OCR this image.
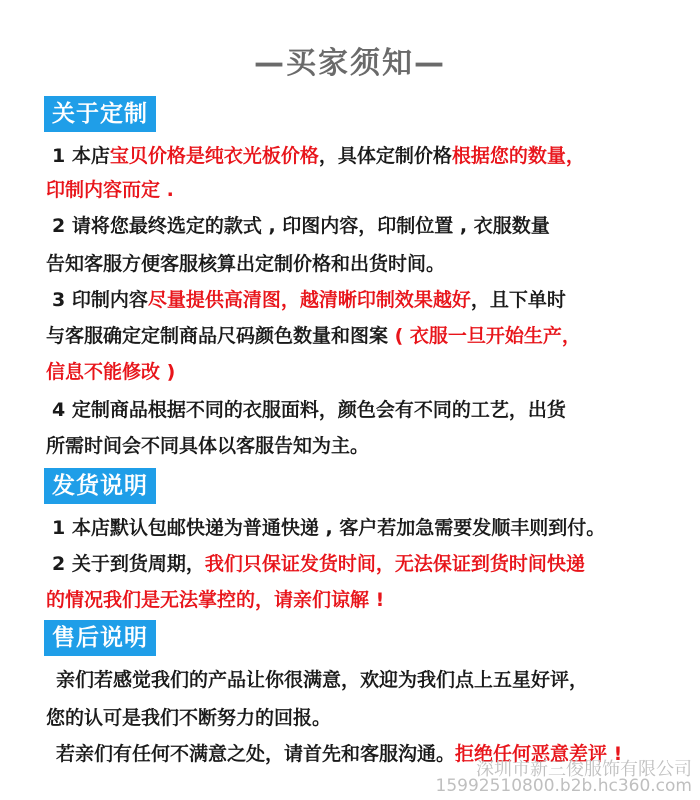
—买家须知—
关于定制
1 本店宝贝价格是纯衣光板价格，具体定制价格根据您的数量，
印制内容而定 .
2 请将您最终选定的款式 , 印图内容，印制位置 , 衣服数量
告知客服方便客服核算出定制价格和出货时间。
3 印制内容尽量提供高清图，越清晰印制效果越好，且下单时
与客服确定定制商品尺码颜色数量和图案 ( 衣服一旦开始生产，
信息不能修改 )
4 定制商品根据不同的衣服面料，颜色会有不同的工艺，出货
所需时间会不同具体以客服告知为主。
发货说明
1 本店默认包邮快递为普通快递 , 客户若加急需要发顺丰则到付。
2 关于到货周期，我们只保证发货时间，无法保证到货时间快递
的情况我们是无法掌控的，请亲们谅解 !
售后说明
亲们若感觉我们的产品让你很满意，欢迎为我们点上五星好评，
您的认可是我们不断努力的回报。
若亲们有任何不满意之处，请首先和客服沟通。拒绝任何恶意差评 !
深圳市新三俊服饰有限公司
15992510800.b2b.hc360.com
